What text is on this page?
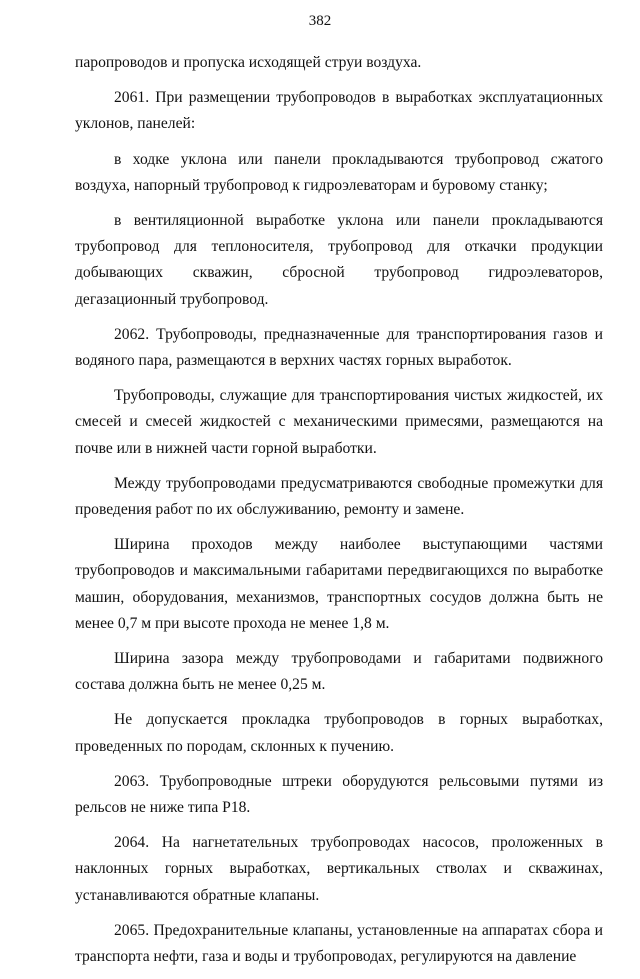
382

паропроводов и пропуска исходящей струи воздуха.

2061. При размещении трубопроводов в выработках эксплуатационных уклонов, панелей:

в ходке уклона или панели прокладываются трубопровод сжатого воздуха, напорный трубопровод к гидроэлеваторам и буровому станку;

в вентиляционной выработке уклона или панели прокладываются трубопровод для теплоносителя, трубопровод для откачки продукции добывающих скважин, сбросной трубопровод гидроэлеваторов, дегазационный трубопровод.

2062. Трубопроводы, предназначенные для транспортирования газов и водяного пара, размещаются в верхних частях горных выработок.

Трубопроводы, служащие для транспортирования чистых жидкостей, их смесей и смесей жидкостей с механическими примесями, размещаются на почве или в нижней части горной выработки.

Между трубопроводами предусматриваются свободные промежутки для проведения работ по их обслуживанию, ремонту и замене.

Ширина проходов между наиболее выступающими частями трубопроводов и максимальными габаритами передвигающихся по выработке машин, оборудования, механизмов, транспортных сосудов должна быть не менее 0,7 м при высоте прохода не менее 1,8 м.

Ширина зазора между трубопроводами и габаритами подвижного состава должна быть не менее 0,25 м.

Не допускается прокладка трубопроводов в горных выработках, проведенных по породам, склонных к пучению.

2063. Трубопроводные штреки оборудуются рельсовыми путями из рельсов не ниже типа Р18.

2064. На нагнетательных трубопроводах насосов, проложенных в наклонных горных выработках, вертикальных стволах и скважинах, устанавливаются обратные клапаны.

2065. Предохранительные клапаны, установленные на аппаратах сбора и транспорта нефти, газа и воды и трубопроводах, регулируются на давление
